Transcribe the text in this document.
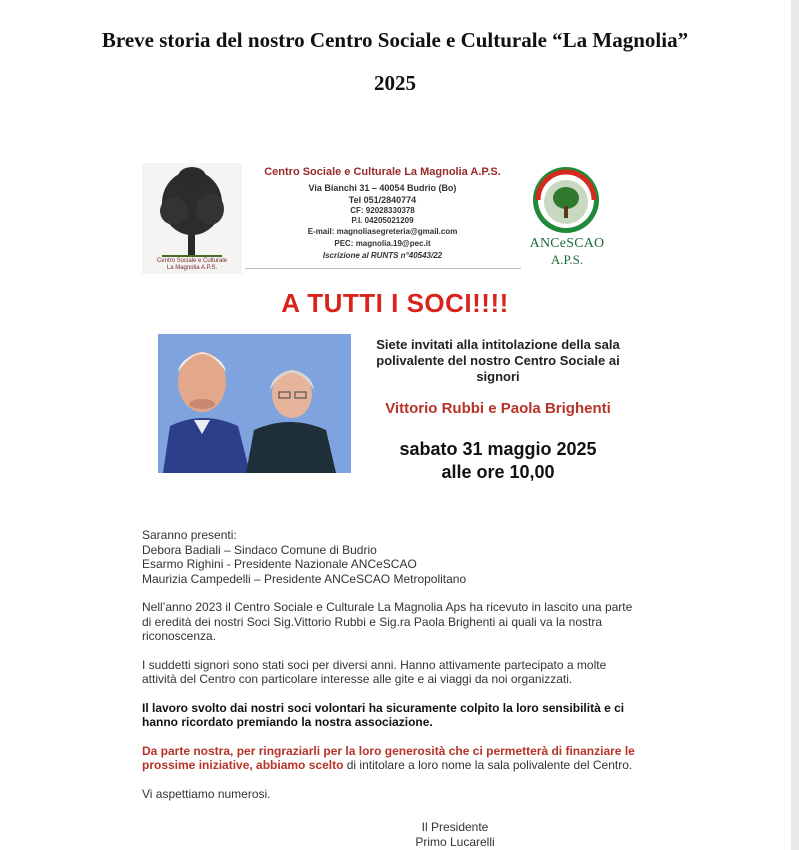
Breve storia del nostro Centro Sociale e Culturale “La Magnolia”
2025
Centro Sociale e Culturale
La Magnolia A.P.S.
Centro Sociale e Culturale La Magnolia A.P.S.
Via Bianchi 31 – 40054 Budrio (Bo)
Tel 051/2840774
CF: 92028330378
P.I. 04205021209
E-mail: magnoliasegreteria@gmail.com
PEC: magnolia.19@pec.it
Iscrizione al RUNTS n°40543/22
ANCeSCAO
A.P.S.
A TUTTI I SOCI!!!!
Siete invitati alla intitolazione della sala
polivalente del nostro Centro Sociale ai
signori
Vittorio Rubbi e Paola Brighenti
sabato 31 maggio 2025
alle ore 10,00

Saranno presenti:
Debora Badiali – Sindaco Comune di Budrio
Esarmo Righini - Presidente Nazionale ANCeSCAO
Maurizia Campedelli – Presidente ANCeSCAO Metropolitano

Nell’anno 2023 il Centro Sociale e Culturale La Magnolia Aps ha ricevuto in lascito una parte di eredità dei nostri Soci Sig.Vittorio Rubbi e Sig.ra Paola Brighenti ai quali va la nostra riconoscenza.

I suddetti signori sono stati soci per diversi anni. Hanno attivamente partecipato a molte attività del Centro con particolare interesse alle gite e ai viaggi da noi organizzati.

Il lavoro svolto dai nostri soci volontari ha sicuramente colpito la loro sensibilità e ci hanno ricordato premiando la nostra associazione.

Da parte nostra, per ringraziarli per la loro generosità che ci permetterà di finanziare le prossime iniziative, abbiamo scelto di intitolare a loro nome la sala polivalente del Centro.

Vi aspettiamo numerosi.

Il Presidente
Primo Lucarelli
